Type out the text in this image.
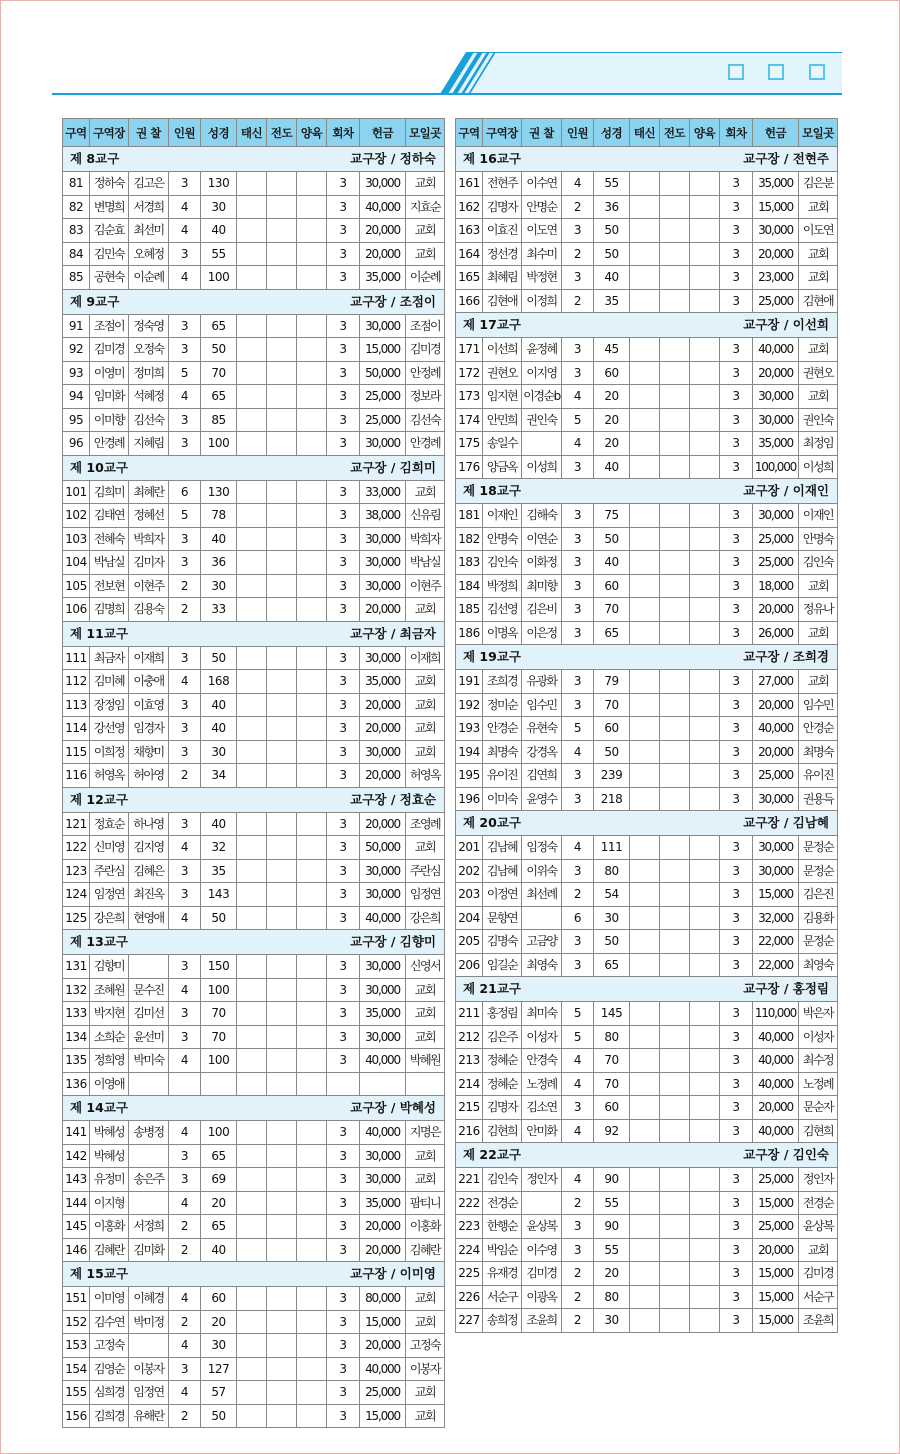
구역	구역장	권 찰	인원	성경	태신	전도	양육	회차	헌금	모일곳
제 8교구						교구장 / 정하숙				
81	정하숙	김고은	3	130				3	30,000	교회
82	변명희	서경희	4	30				3	40,000	지효순
83	김순효	최선미	4	40				3	20,000	교회
84	김민숙	오혜정	3	55				3	20,000	교회
85	공현숙	이순례	4	100				3	35,000	이순례
제 9교구						교구장 / 조점이				
91	조점이	정숙영	3	65				3	30,000	조점이
92	김미경	오정숙	3	50				3	15,000	김미경
93	이영미	정미희	5	70				3	50,000	안정례
94	임미화	석혜정	4	65				3	25,000	정보라
95	이미향	김선숙	3	85				3	25,000	김선숙
96	안경례	지혜림	3	100				3	30,000	안경례
제 10교구						교구장 / 김희미				
101	김희미	최혜란	6	130				3	33,000	교회
102	김태연	정혜선	5	78				3	38,000	신유림
103	전혜숙	박희자	3	40				3	30,000	박희자
104	박남실	김미자	3	36				3	30,000	박남실
105	전보현	이현주	2	30				3	30,000	이현주
106	김명희	김용숙	2	33				3	20,000	교회
제 11교구						교구장 / 최금자				
111	최금자	이재희	3	50				3	30,000	이재희
112	김미혜	이충애	4	168				3	35,000	교회
113	장정임	이효영	3	40				3	20,000	교회
114	강선영	임경자	3	40				3	20,000	교회
115	이희정	채향미	3	30				3	30,000	교회
116	허영옥	허아영	2	34				3	20,000	허영옥
제 12교구						교구장 / 정효순				
121	정효순	하나영	3	40				3	20,000	조영례
122	신미영	김지영	4	32				3	50,000	교회
123	주란심	김혜은	3	35				3	30,000	주란심
124	임정연	최진옥	3	143				3	30,000	임정연
125	강은희	현영애	4	50				3	40,000	강은희
제 13교구						교구장 / 김향미				
131	김향미		3	150				3	30,000	신영서
132	조혜원	문수진	4	100				3	30,000	교회
133	박지현	김미선	3	70				3	35,000	교회
134	소희순	윤선미	3	70				3	30,000	교회
135	정희영	박미숙	4	100				3	40,000	박혜원
136	이영애									
제 14교구						교구장 / 박혜성				
141	박혜성	송병정	4	100				3	40,000	지명은
142	박혜성		3	65				3	30,000	교회
143	유정미	송은주	3	69				3	30,000	교회
144	이지형		4	20				3	35,000	팜티니
145	이홍화	서정희	2	65				3	20,000	이홍화
146	김혜란	김미화	2	40				3	20,000	김혜란
제 15교구						교구장 / 이미영				
151	이미영	이혜경	4	60				3	80,000	교회
152	김수연	박미정	2	20				3	15,000	교회
153	고정숙		4	30				3	20,000	고정숙
154	김영순	이봉자	3	127				3	40,000	이봉자
155	심희경	임정연	4	57				3	25,000	교회
156	김희경	유해란	2	50				3	15,000	교회
구역	구역장	권 찰	인원	성경	태신	전도	양육	회차	헌금	모일곳
제 16교구						교구장 / 전현주				
161	전현주	이수연	4	55				3	35,000	김은분
162	김명자	안명순	2	36				3	15,000	교회
163	이효진	이도연	3	50				3	30,000	이도연
164	정선경	최수미	2	50				3	20,000	교회
165	최혜림	박정현	3	40				3	23,000	교회
166	김현애	이정희	2	35				3	25,000	김현애
제 17교구						교구장 / 이선희				
171	이선희	윤정혜	3	45				3	40,000	교회
172	권현오	이지영	3	60				3	20,000	권현오
173	임지현	이경순b	4	20				3	30,000	교회
174	안민희	권인숙	5	20				3	30,000	권인숙
175	송일수		4	20				3	35,000	최정임
176	양금옥	이성희	3	40				3	100,000	이성희
제 18교구						교구장 / 이재인				
181	이재인	김해숙	3	75				3	30,000	이재인
182	안명숙	이연순	3	50				3	25,000	안명숙
183	김인숙	이화정	3	40				3	25,000	김인숙
184	박정희	최미향	3	60				3	18,000	교회
185	김선영	김은비	3	70				3	20,000	정유나
186	이명옥	이은정	3	65				3	26,000	교회
제 19교구						교구장 / 조희경				
191	조희경	유광화	3	79				3	27,000	교회
192	정미순	임수민	3	70				3	20,000	임수민
193	안경순	유현숙	5	60				3	40,000	안경순
194	최명숙	강경옥	4	50				3	20,000	최명숙
195	유이진	김연희	3	239				3	25,000	유이진
196	이미숙	윤영수	3	218				3	30,000	권용득
제 20교구						교구장 / 김남혜				
201	김남혜	임정숙	4	111				3	30,000	문정순
202	김남혜	이위숙	3	80				3	30,000	문정순
203	이정연	최선례	2	54				3	15,000	김은진
204	문향연		6	30				3	32,000	김용화
205	김명숙	고금양	3	50				3	22,000	문정순
206	임길순	최영숙	3	65				3	22,000	최영숙
제 21교구						교구장 / 홍정림				
211	홍정림	최미숙	5	145				3	110,000	박은자
212	김은주	이성자	5	80				3	40,000	이성자
213	정혜순	안경숙	4	70				3	40,000	최수정
214	정혜순	노정례	4	70				3	40,000	노정례
215	김명자	김소연	3	60				3	20,000	문순자
216	김현희	안미화	4	92				3	40,000	김현희
제 22교구						교구장 / 김인숙				
221	김인숙	정인자	4	90				3	25,000	정인자
222	전경순		2	55				3	15,000	전경순
223	한행순	윤상복	3	90				3	25,000	윤상복
224	박임순	이수영	3	55				3	20,000	교회
225	유재경	김미경	2	20				3	15,000	김미경
226	서순구	이광옥	2	80				3	15,000	서순구
227	송희정	조윤희	2	30				3	15,000	조윤희
